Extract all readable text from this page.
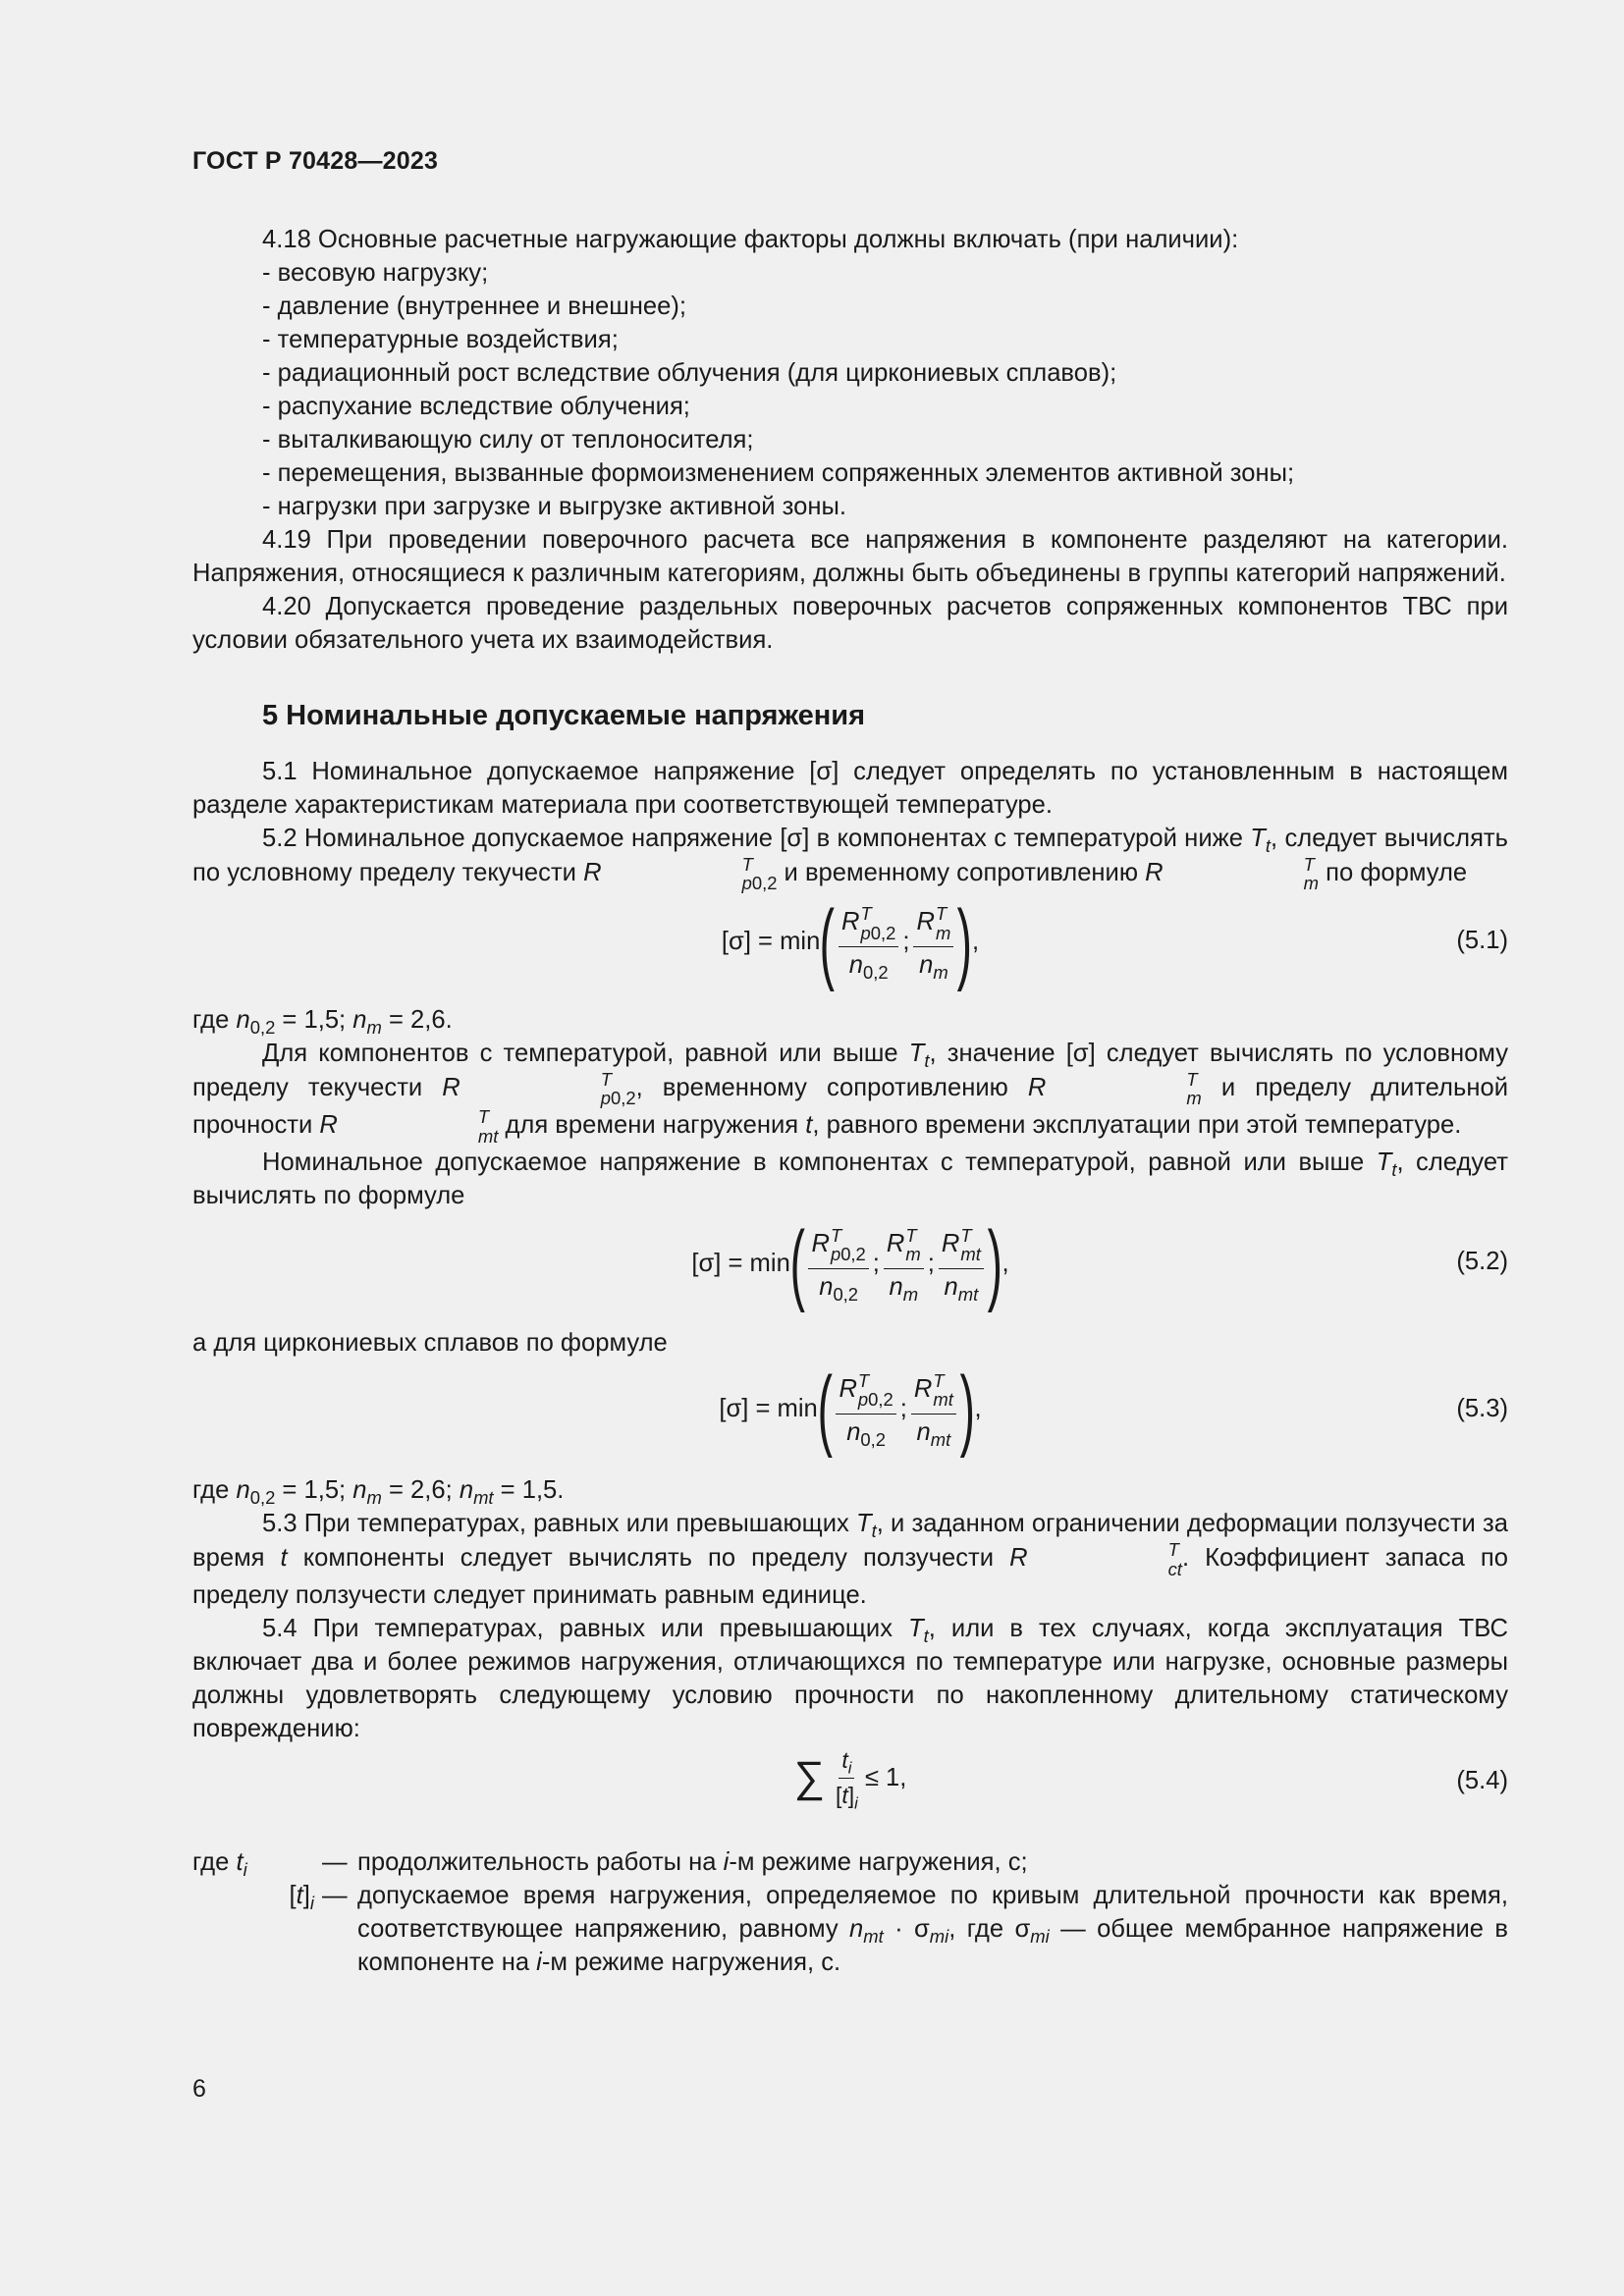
ГОСТ Р 70428—2023
4.18 Основные расчетные нагружающие факторы должны включать (при наличии):
- весовую нагрузку;
- давление (внутреннее и внешнее);
- температурные воздействия;
- радиационный рост вследствие облучения (для циркониевых сплавов);
- распухание вследствие облучения;
- выталкивающую силу от теплоносителя;
- перемещения, вызванные формоизменением сопряженных элементов активной зоны;
- нагрузки при загрузке и выгрузке активной зоны.
4.19 При проведении поверочного расчета все напряжения в компоненте разделяют на категории. Напряжения, относящиеся к различным категориям, должны быть объединены в группы категорий напряжений.
4.20 Допускается проведение раздельных поверочных расчетов сопряженных компонентов ТВС при условии обязательного учета их взаимодействия.
5 Номинальные допускаемые напряжения
5.1 Номинальное допускаемое напряжение [σ] следует определять по установленным в настоящем разделе характеристикам материала при соответствующей температуре.
5.2 Номинальное допускаемое напряжение [σ] в компонентах с температурой ниже $T_t$, следует вычислять по условному пределу текучести R	T
p0,2 и временному сопротивлению R	T
m по формуле
[σ] = min ( R T
p0,2
$n_{0,2}$ ; R T
m
$n_m$ ) ,	(5.1)
где $n_{0,2} = 1,5$; $n_m = 2,6$.
Для компонентов с температурой, равной или выше $T_t$, значение [σ] следует вычислять по условному пределу текучести R	T
p0,2 , временному сопротивлению R	T
m и пределу длительной прочности R	T
mt для времени нагружения t, равного времени эксплуатации при этой температуре.
Номинальное допускаемое напряжение в компонентах с температурой, равной или выше $T_t$, следует вычислять по формуле
[σ] = min ( R T
p0,2
$n_{0,2}$ ; R T
m
$n_m$ ; R T
mt
$n_{mt}$ ) ,	(5.2)
а для циркониевых сплавов по формуле
[σ] = min ( R T
p0,2
$n_{0,2}$ ; R T
mt
$n_{mt}$ ) ,	(5.3)
где $n_{0,2} = 1,5$; $n_m = 2,6$; $n_{mt} = 1,5$.
5.3 При температурах, равных или превышающих $T_t$, и заданном ограничении деформации ползучести за время t компоненты следует вычислять по пределу ползучести R	T
ct . Коэффициент запаса по пределу ползучести следует принимать равным единице.
5.4 При температурах, равных или превышающих $T_t$, или в тех случаях, когда эксплуатация ТВС включает два и более режимов нагружения, отличающихся по температуре или нагрузке, основные размеры должны удовлетворять следующему условию прочности по накопленному длительному статическому повреждению:
∑ $\frac{t_i}{[t]_i} \le 1$,	(5.4)
где $t_i$	— продолжительность работы на i-м режиме нагружения, с;
$[t]_i$ — допускаемое время нагружения, определяемое по кривым длительной прочности как время, соответствующее напряжению, равному $n_{mt} \cdot \sigma_{mi}$, где $\sigma_{mi}$ — общее мембранное напряжение в компоненте на i-м режиме нагружения, с.
6
